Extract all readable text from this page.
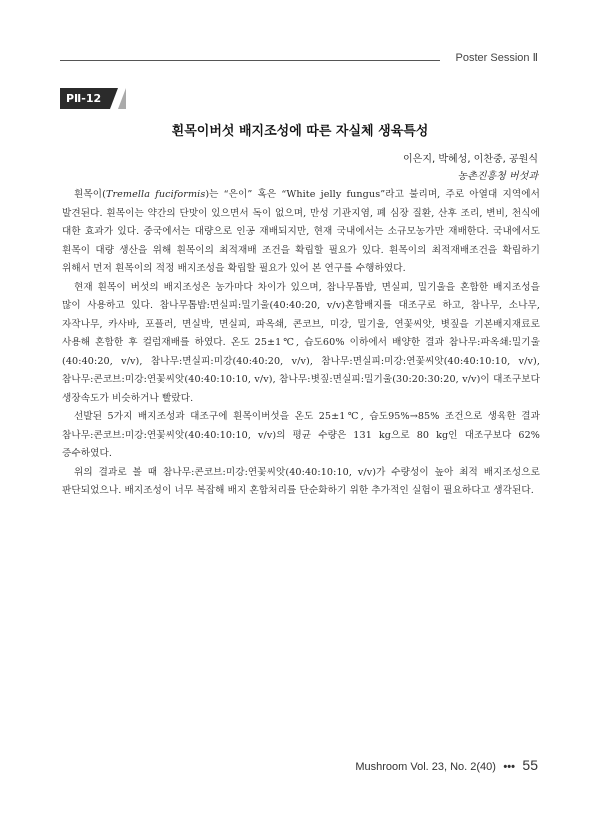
Poster Session Ⅱ
PⅡ-12
흰목이버섯 배지조성에 따른 자실체 생육특성
이은지, 박혜성, 이찬중, 공원식
농촌진흥청 버섯과

흰목이(Tremella fuciformis)는 “은이” 혹은 “White jelly fungus”라고 불리며, 주로 아열대 지역에서 발견된다. 흰목이는 약간의 단맛이 있으면서 독이 없으며, 만성 기관지염, 폐 심장 질환, 산후 조리, 변비, 천식에 대한 효과가 있다. 중국에서는 대량으로 인공 재배되지만, 현재 국내에서는 소규모농가만 재배한다. 국내에서도 흰목이 대량 생산을 위해 흰목이의 최적재배 조건을 확립할 필요가 있다. 흰목이의 최적재배조건을 확립하기 위해서 먼저 흰목이의 적정 배지조성을 확립할 필요가 있어 본 연구를 수행하였다.

현재 흰목이 버섯의 배지조성은 농가마다 차이가 있으며, 참나무톱밥, 면실피, 밀기울을 혼합한 배지조성을 많이 사용하고 있다. 참나무톱밥:면실피:밀기울(40:40:20, v/v)혼합배지를 대조구로 하고, 참나무, 소나무, 자작나무, 카사바, 포플러, 면실박, 면실피, 파옥쇄, 콘코브, 미강, 밀기울, 연꽃씨앗, 볏짚을 기본배지재료로 사용해 혼합한 후 컬럼재배를 하였다. 온도 25±1℃, 습도60% 이하에서 배양한 결과 참나무:파옥쇄:밀기울(40:40:20, v/v), 참나무:면실피:미강(40:40:20, v/v), 참나무:면실피:미강:연꽃씨앗(40:40:10:10, v/v), 참나무:콘코브:미강:연꽃씨앗(40:40:10:10, v/v), 참나무:볏짚:면실피:밀기울(30:20:30:20, v/v)이 대조구보다 생장속도가 비슷하거나 빨랐다.

선발된 5가지 배지조성과 대조구에 흰목이버섯을 온도 25±1℃, 습도95%→85% 조건으로 생육한 결과 참나무:콘코브:미강:연꽃씨앗(40:40:10:10, v/v)의 평균 수량은 131 kg으로 80 kg인 대조구보다 62% 증수하였다.

위의 결과로 볼 때 참나무:콘코브:미강:연꽃씨앗(40:40:10:10, v/v)가 수량성이 높아 최적 배지조성으로 판단되었으나. 배지조성이 너무 복잡해 배지 혼합처리를 단순화하기 위한 추가적인 실험이 필요하다고 생각된다.

Mushroom Vol. 23, No. 2(40) ••• 55
